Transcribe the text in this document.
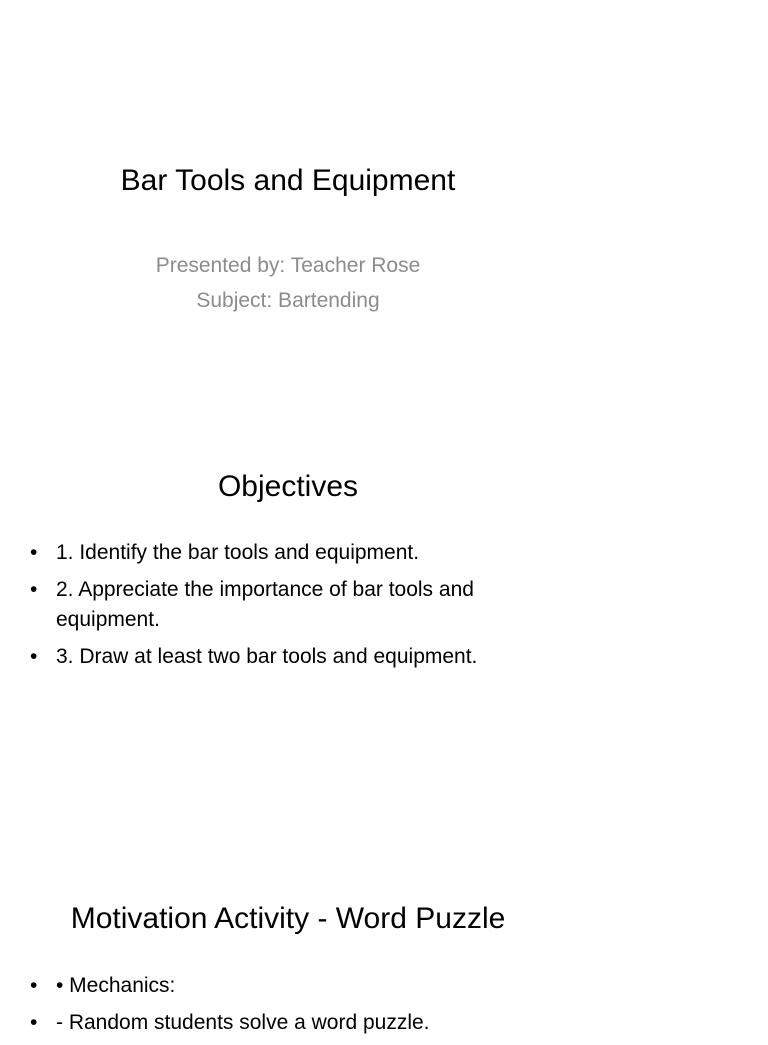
Bar Tools and Equipment
Presented by: Teacher Rose
Subject: Bartending
Objectives
• 1. Identify the bar tools and equipment.
• 2. Appreciate the importance of bar tools and equipment.
• 3. Draw at least two bar tools and equipment.
Motivation Activity - Word Puzzle
• • Mechanics:
• - Random students solve a word puzzle.
